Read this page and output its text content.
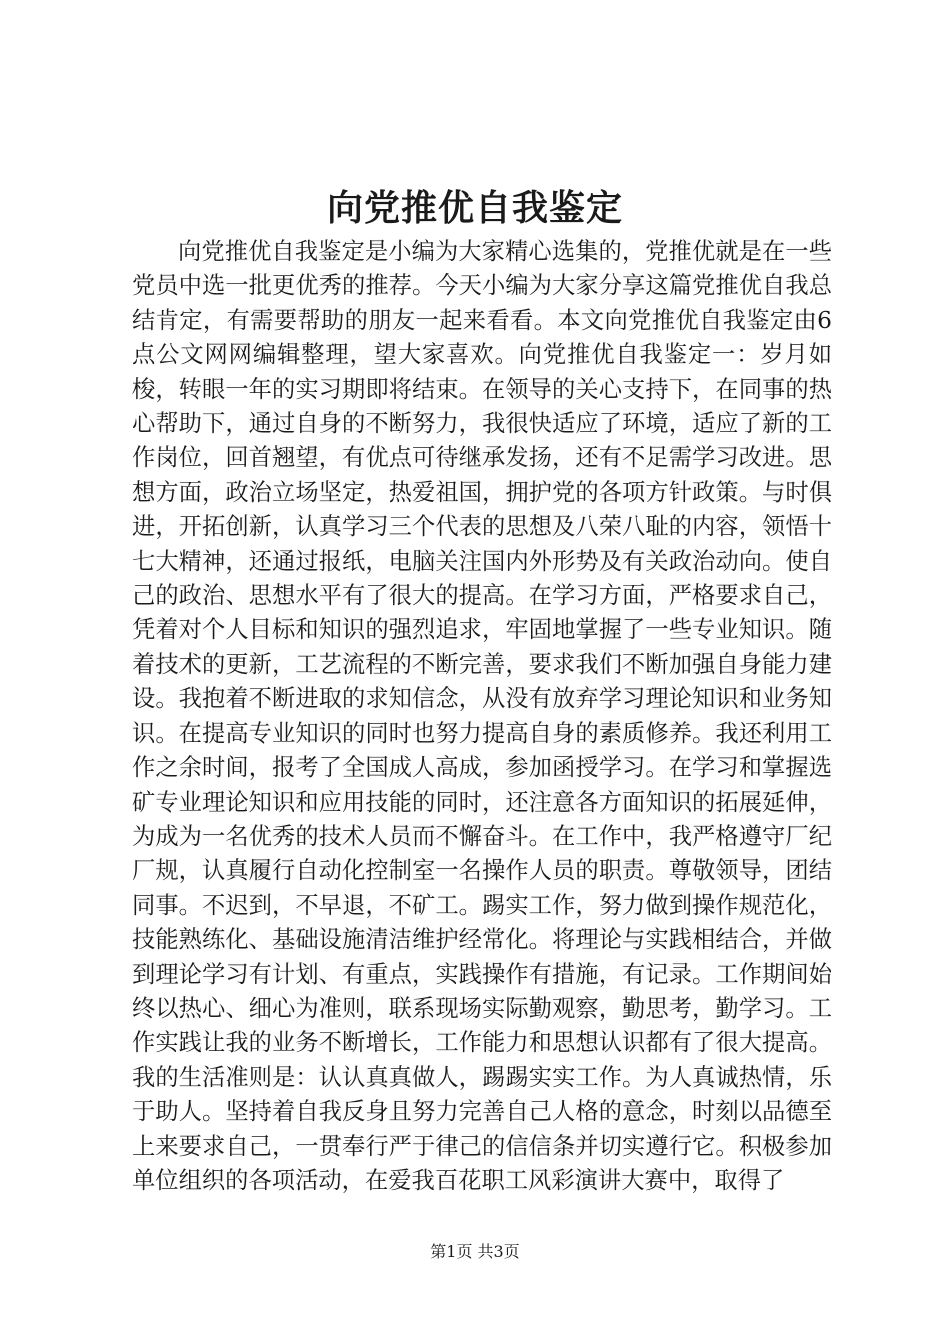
向党推优自我鉴定

向党推优自我鉴定是小编为大家精心选集的，党推优就是在一些党员中选一批更优秀的推荐。今天小编为大家分享这篇党推优自我总结肯定，有需要帮助的朋友一起来看看。本文向党推优自我鉴定由6点公文网网编辑整理，望大家喜欢。向党推优自我鉴定一：岁月如梭，转眼一年的实习期即将结束。在领导的关心支持下，在同事的热心帮助下，通过自身的不断努力，我很快适应了环境，适应了新的工作岗位，回首翘望，有优点可待继承发扬，还有不足需学习改进。思想方面，政治立场坚定，热爱祖国，拥护党的各项方针政策。与时俱进，开拓创新，认真学习三个代表的思想及八荣八耻的内容，领悟十七大精神，还通过报纸，电脑关注国内外形势及有关政治动向。使自己的政治、思想水平有了很大的提高。在学习方面，严格要求自己，凭着对个人目标和知识的强烈追求，牢固地掌握了一些专业知识。随着技术的更新，工艺流程的不断完善，要求我们不断加强自身能力建设。我抱着不断进取的求知信念，从没有放弃学习理论知识和业务知识。在提高专业知识的同时也努力提高自身的素质修养。我还利用工作之余时间，报考了全国成人高成，参加函授学习。在学习和掌握选矿专业理论知识和应用技能的同时，还注意各方面知识的拓展延伸，为成为一名优秀的技术人员而不懈奋斗。在工作中，我严格遵守厂纪厂规，认真履行自动化控制室一名操作人员的职责。尊敬领导，团结同事。不迟到，不早退，不矿工。踢实工作，努力做到操作规范化，技能熟练化、基础设施清洁维护经常化。将理论与实践相结合，并做到理论学习有计划、有重点，实践操作有措施，有记录。工作期间始终以热心、细心为准则，联系现场实际勤观察，勤思考，勤学习。工作实践让我的业务不断增长，工作能力和思想认识都有了很大提高。我的生活准则是：认认真真做人，踢踢实实工作。为人真诚热情，乐于助人。坚持着自我反身且努力完善自己人格的意念，时刻以品德至上来要求自己，一贯奉行严于律己的信信条并切实遵行它。积极参加单位组织的各项活动，在爱我百花职工风彩演讲大赛中，取得了

第1页 共3页
